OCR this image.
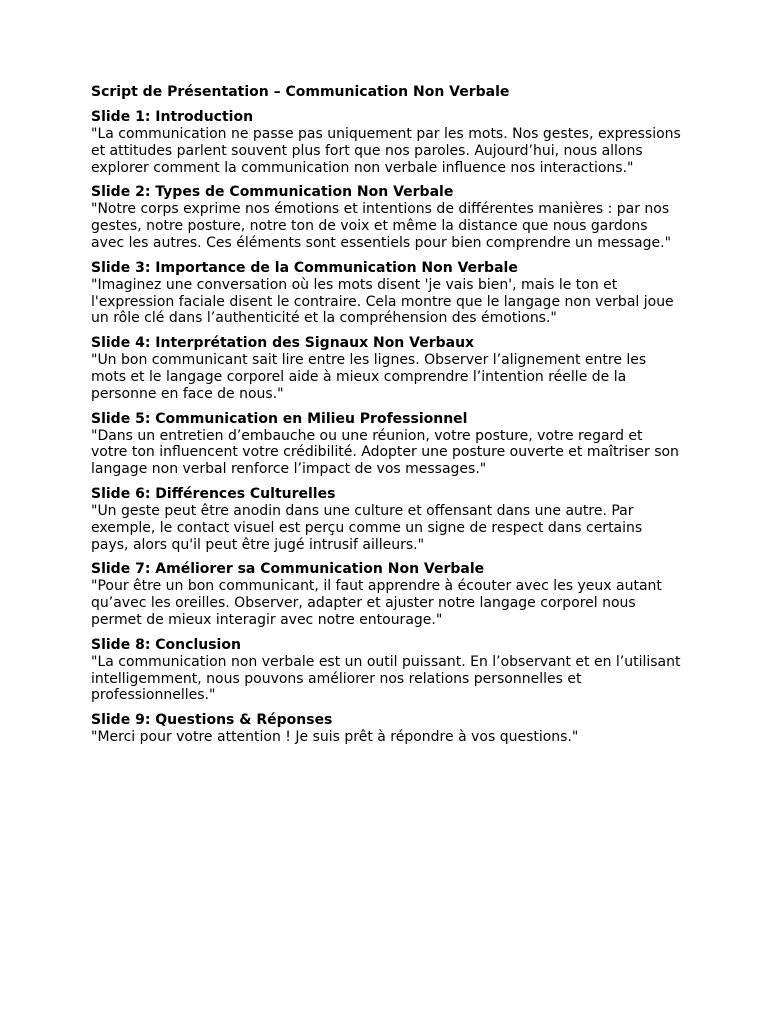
Script de Présentation – Communication Non Verbale
Slide 1: Introduction
"La communication ne passe pas uniquement par les mots. Nos gestes, expressions et attitudes parlent souvent plus fort que nos paroles. Aujourd’hui, nous allons explorer comment la communication non verbale influence nos interactions."
Slide 2: Types de Communication Non Verbale
"Notre corps exprime nos émotions et intentions de différentes manières : par nos gestes, notre posture, notre ton de voix et même la distance que nous gardons avec les autres. Ces éléments sont essentiels pour bien comprendre un message."
Slide 3: Importance de la Communication Non Verbale
"Imaginez une conversation où les mots disent 'je vais bien', mais le ton et l'expression faciale disent le contraire. Cela montre que le langage non verbal joue un rôle clé dans l’authenticité et la compréhension des émotions."
Slide 4: Interprétation des Signaux Non Verbaux
"Un bon communicant sait lire entre les lignes. Observer l’alignement entre les mots et le langage corporel aide à mieux comprendre l’intention réelle de la personne en face de nous."
Slide 5: Communication en Milieu Professionnel
"Dans un entretien d’embauche ou une réunion, votre posture, votre regard et votre ton influencent votre crédibilité. Adopter une posture ouverte et maîtriser son langage non verbal renforce l’impact de vos messages."
Slide 6: Différences Culturelles
"Un geste peut être anodin dans une culture et offensant dans une autre. Par exemple, le contact visuel est perçu comme un signe de respect dans certains pays, alors qu'il peut être jugé intrusif ailleurs."
Slide 7: Améliorer sa Communication Non Verbale
"Pour être un bon communicant, il faut apprendre à écouter avec les yeux autant qu’avec les oreilles. Observer, adapter et ajuster notre langage corporel nous permet de mieux interagir avec notre entourage."
Slide 8: Conclusion
"La communication non verbale est un outil puissant. En l’observant et en l’utilisant intelligemment, nous pouvons améliorer nos relations personnelles et professionnelles."
Slide 9: Questions & Réponses
"Merci pour votre attention ! Je suis prêt à répondre à vos questions."
